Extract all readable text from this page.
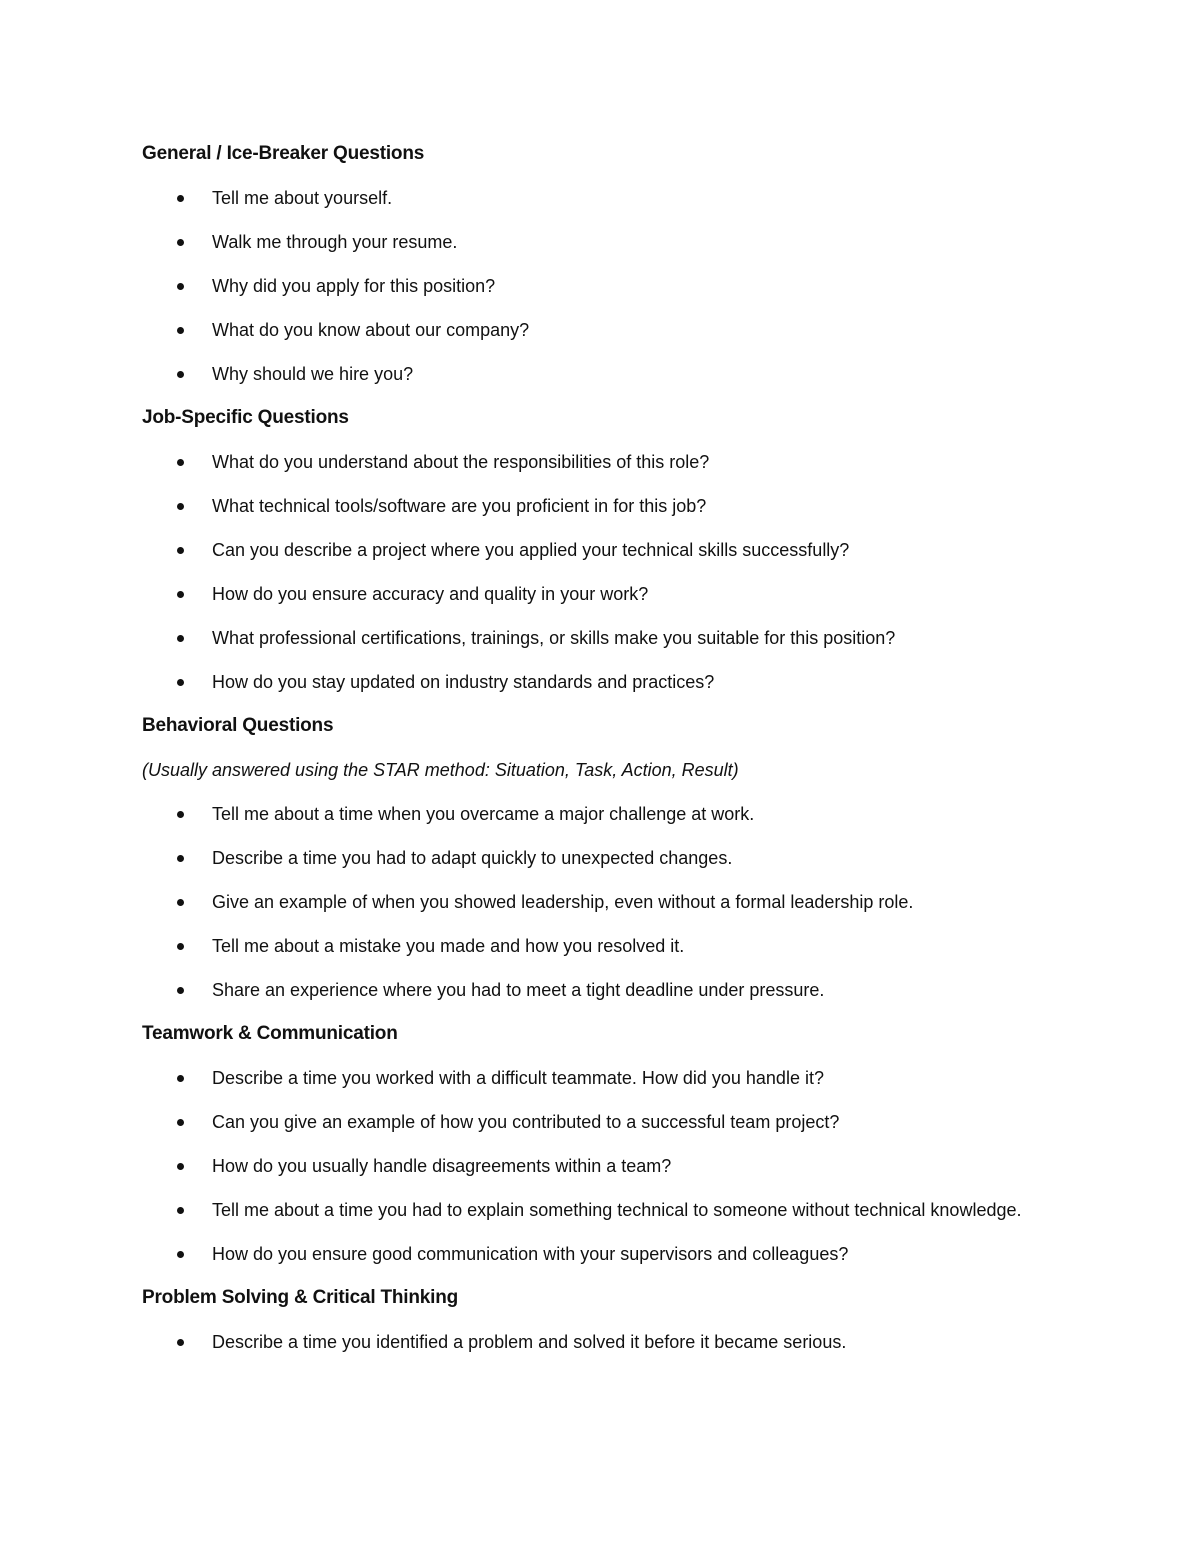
General / Ice-Breaker Questions
Tell me about yourself.
Walk me through your resume.
Why did you apply for this position?
What do you know about our company?
Why should we hire you?
Job-Specific Questions
What do you understand about the responsibilities of this role?
What technical tools/software are you proficient in for this job?
Can you describe a project where you applied your technical skills successfully?
How do you ensure accuracy and quality in your work?
What professional certifications, trainings, or skills make you suitable for this position?
How do you stay updated on industry standards and practices?
Behavioral Questions

(Usually answered using the STAR method: Situation, Task, Action, Result)

Tell me about a time when you overcame a major challenge at work.
Describe a time you had to adapt quickly to unexpected changes.
Give an example of when you showed leadership, even without a formal leadership role.
Tell me about a mistake you made and how you resolved it.
Share an experience where you had to meet a tight deadline under pressure.
Teamwork & Communication
Describe a time you worked with a difficult teammate. How did you handle it?
Can you give an example of how you contributed to a successful team project?
How do you usually handle disagreements within a team?
Tell me about a time you had to explain something technical to someone without technical knowledge.
How do you ensure good communication with your supervisors and colleagues?
Problem Solving & Critical Thinking
Describe a time you identified a problem and solved it before it became serious.
